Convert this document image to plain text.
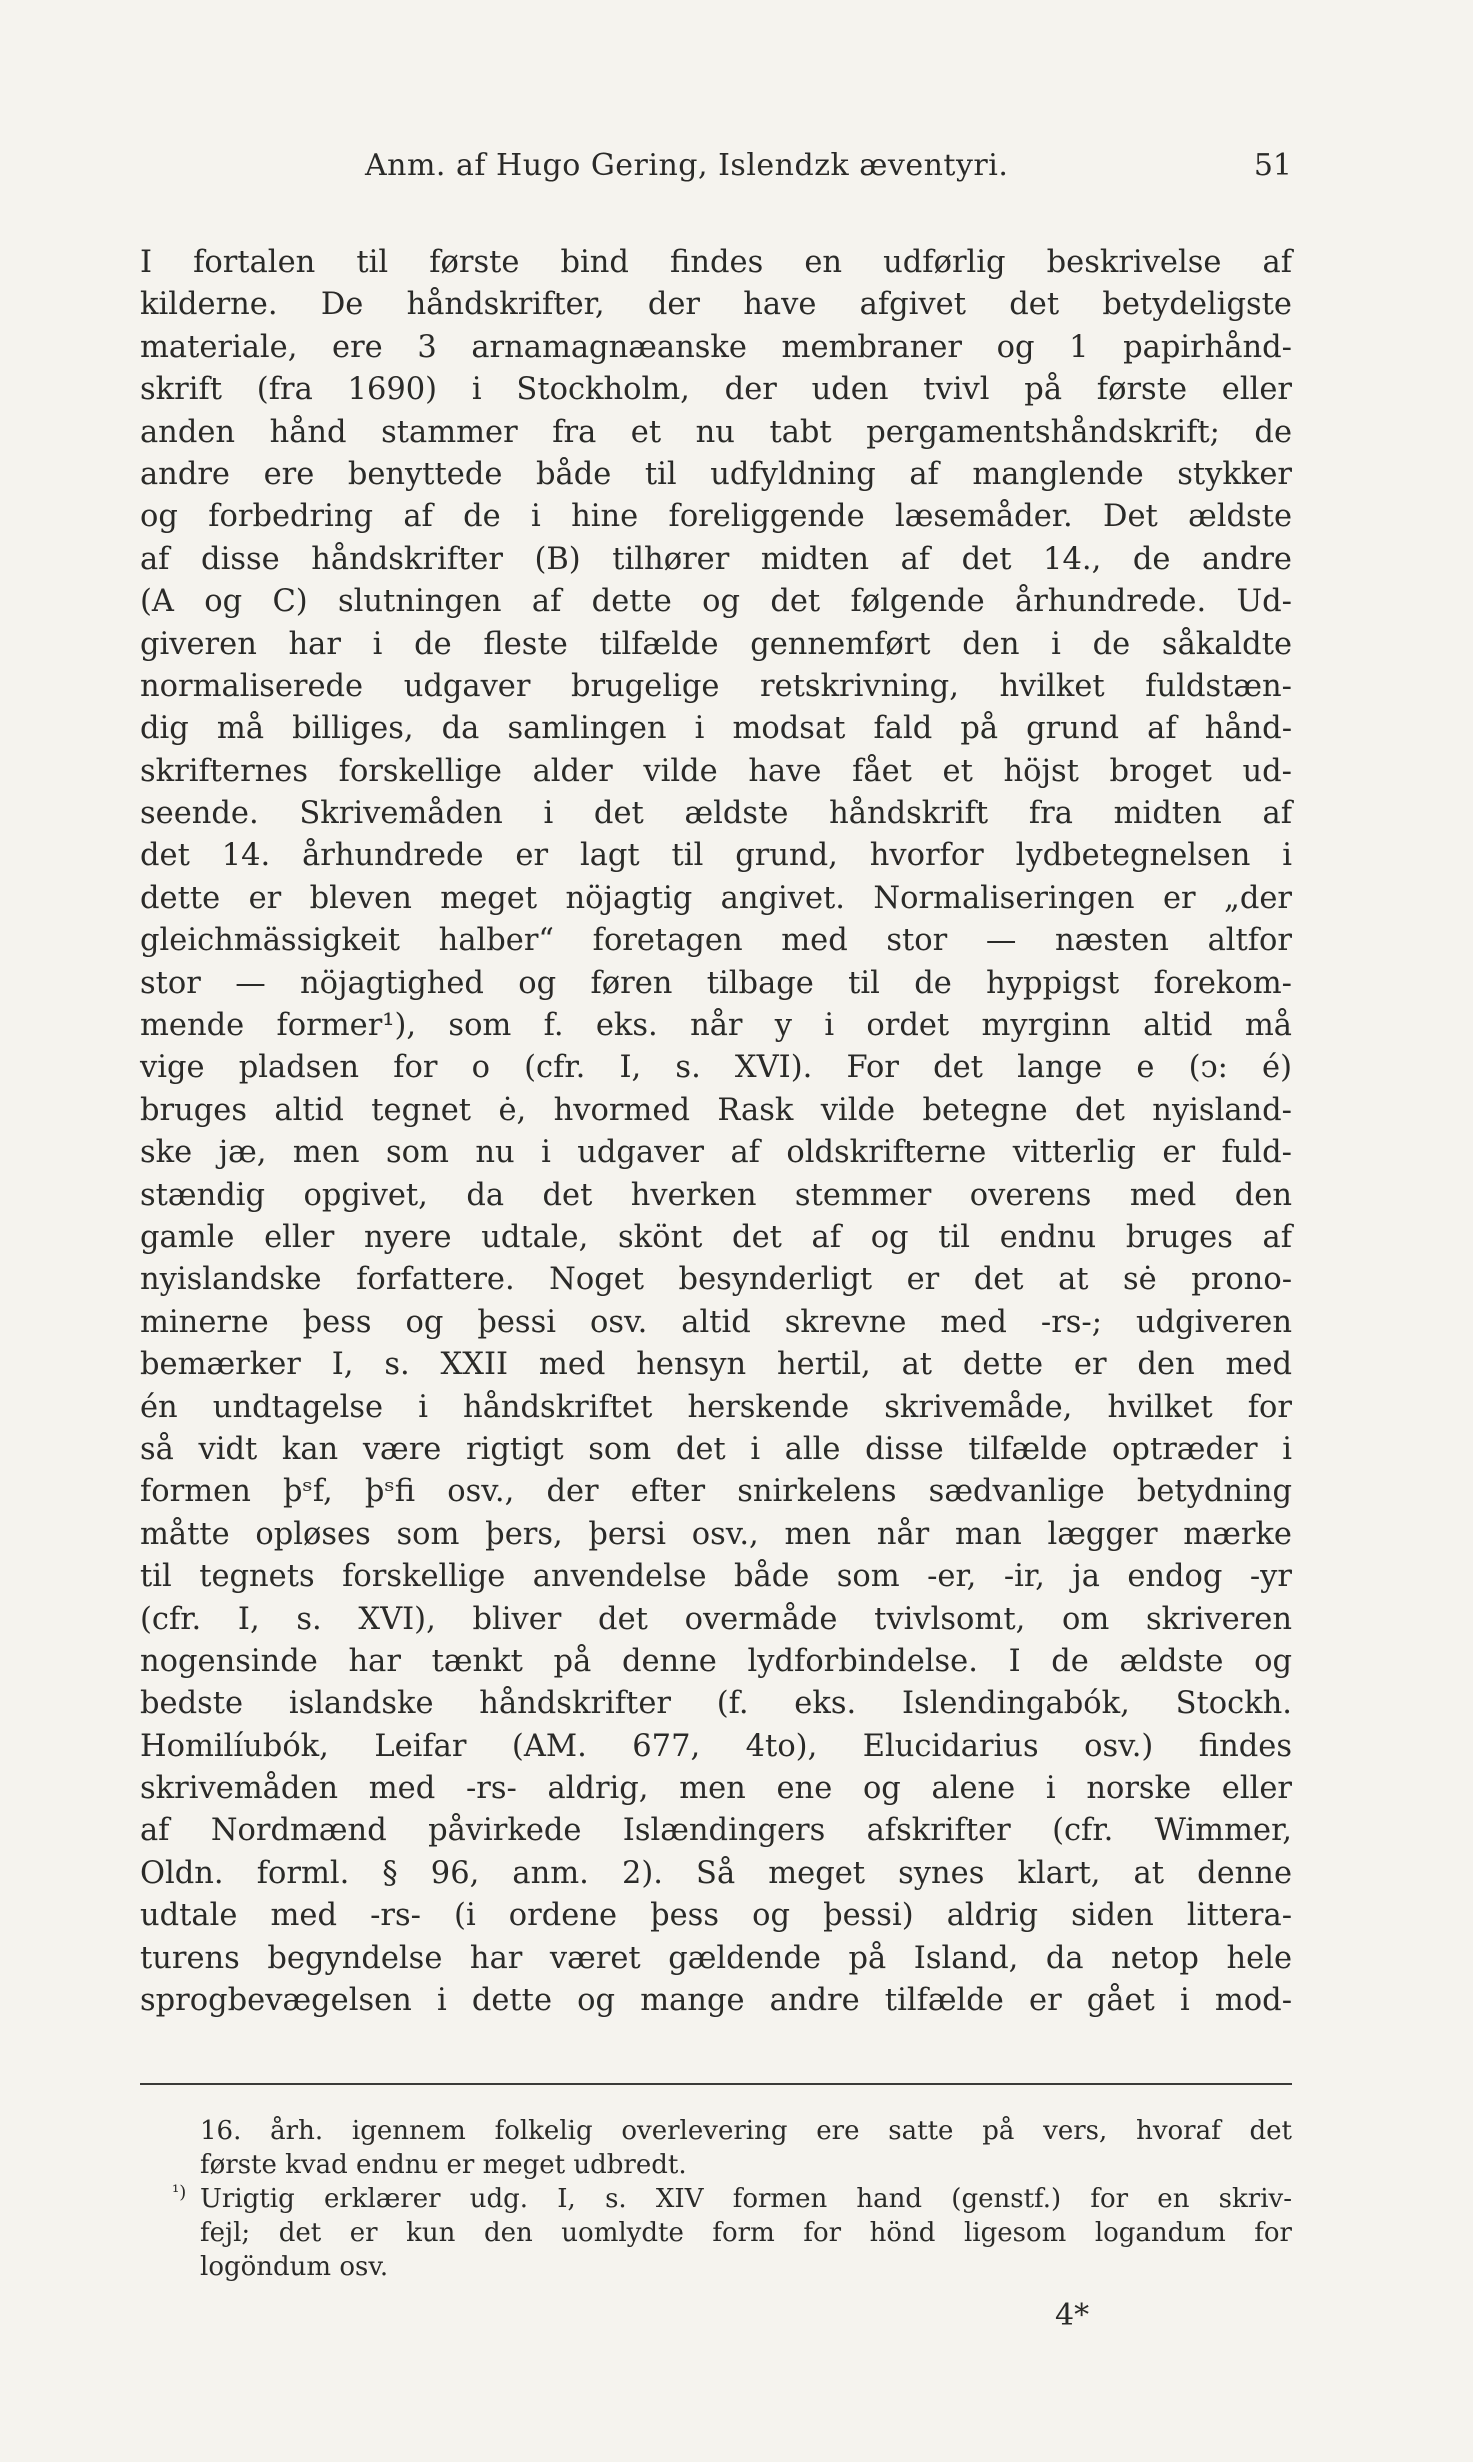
Anm. af Hugo Gering, Islendzk æventyri.	51
I fortalen til første bind findes en udførlig beskrivelse af
kilderne. De håndskrifter, der have afgivet det betydeligste
materiale, ere 3 arnamagnæanske membraner og 1 papirhånd-
skrift (fra 1690) i Stockholm, der uden tvivl på første eller
anden hånd stammer fra et nu tabt pergamentshåndskrift; de
andre ere benyttede både til udfyldning af manglende stykker
og forbedring af de i hine foreliggende læsemåder. Det ældste
af disse håndskrifter (B) tilhører midten af det 14., de andre
(A og C) slutningen af dette og det følgende århundrede. Ud-
giveren har i de fleste tilfælde gennemført den i de såkaldte
normaliserede udgaver brugelige retskrivning, hvilket fuldstæn-
dig må billiges, da samlingen i modsat fald på grund af hånd-
skrifternes forskellige alder vilde have fået et höjst broget ud-
seende. Skrivemåden i det ældste håndskrift fra midten af
det 14. århundrede er lagt til grund, hvorfor lydbetegnelsen i
dette er bleven meget nöjagtig angivet. Normaliseringen er „der
gleichmässigkeit halber“ foretagen med stor — næsten altfor
stor — nöjagtighed og føren tilbage til de hyppigst forekom-
mende former¹), som f. eks. når y i ordet myrginn altid må
vige pladsen for o (cfr. I, s. XVI). For det lange e (ↄ: é)
bruges altid tegnet ė, hvormed Rask vilde betegne det nyisland-
ske jæ, men som nu i udgaver af oldskrifterne vitterlig er fuld-
stændig opgivet, da det hverken stemmer overens med den
gamle eller nyere udtale, skönt det af og til endnu bruges af
nyislandske forfattere. Noget besynderligt er det at sė prono-
minerne þess og þessi osv. altid skrevne med -rs-; udgiveren
bemærker I, s. XXII med hensyn hertil, at dette er den med
én undtagelse i håndskriftet herskende skrivemåde, hvilket for
så vidt kan være rigtigt som det i alle disse tilfælde optræder i
formen þˢf, þˢfi osv., der efter snirkelens sædvanlige betydning
måtte opløses som þers, þersi osv., men når man lægger mærke
til tegnets forskellige anvendelse både som -er, -ir, ja endog -yr
(cfr. I, s. XVI), bliver det overmåde tvivlsomt, om skriveren
nogensinde har tænkt på denne lydforbindelse. I de ældste og
bedste islandske håndskrifter (f. eks. Islendingabók, Stockh.
Homilíubók, Leifar (AM. 677, 4to), Elucidarius osv.) findes
skrivemåden med -rs- aldrig, men ene og alene i norske eller
af Nordmænd påvirkede Islændingers afskrifter (cfr. Wimmer,
Oldn. forml. § 96, anm. 2). Så meget synes klart, at denne
udtale med -rs- (i ordene þess og þessi) aldrig siden littera-
turens begyndelse har været gældende på Island, da netop hele
sprogbevægelsen i dette og mange andre tilfælde er gået i mod-
16. årh. igennem folkelig overlevering ere satte på vers, hvoraf det
første kvad endnu er meget udbredt.
Urigtig erklærer udg. I, s. XIV formen hand (genstf.) for en skriv-
fejl; det er kun den uomlydte form for hönd ligesom logandum for
logöndum osv.
¹)
4*
